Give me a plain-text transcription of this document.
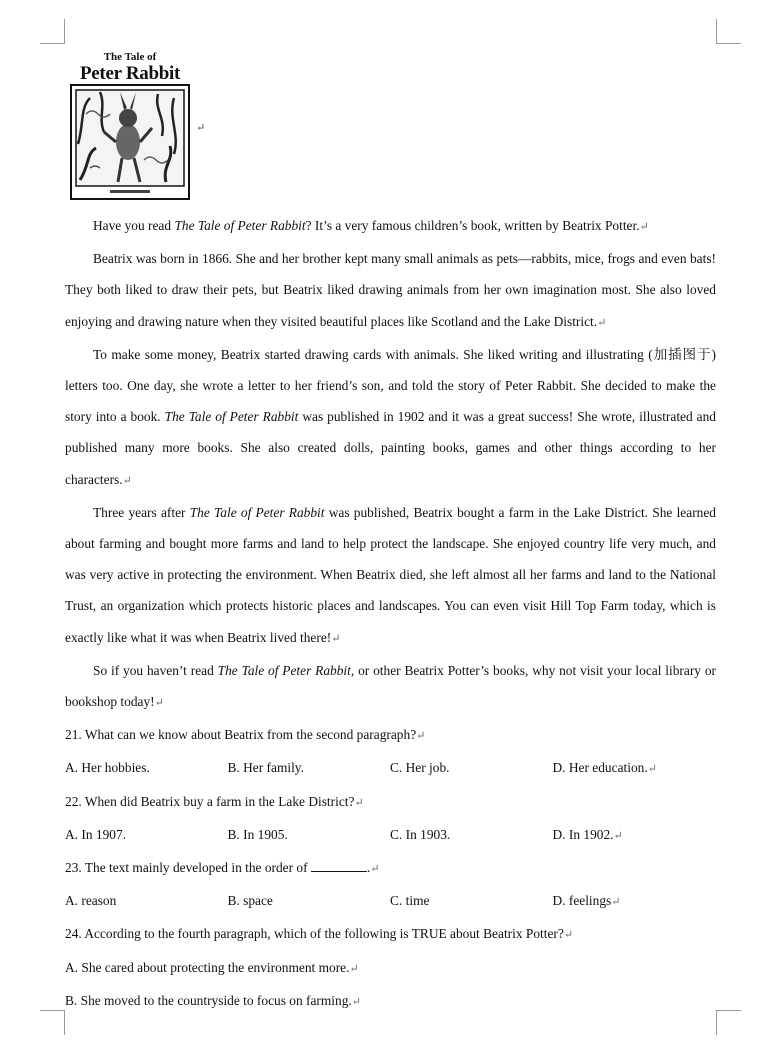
The Tale of
Peter Rabbit
↵

Have you read The Tale of Peter Rabbit? It’s a very famous children’s book, written by Beatrix Potter.↵

Beatrix was born in 1866. She and her brother kept many small animals as pets—rabbits, mice, frogs and even bats! They both liked to draw their pets, but Beatrix liked drawing animals from her own imagination most. She also loved enjoying and drawing nature when they visited beautiful places like Scotland and the Lake District.↵

To make some money, Beatrix started drawing cards with animals. She liked writing and illustrating (加插图于) letters too. One day, she wrote a letter to her friend’s son, and told the story of Peter Rabbit. She decided to make the story into a book. The Tale of Peter Rabbit was published in 1902 and it was a great success! She wrote, illustrated and published many more books. She also created dolls, painting books, games and other things according to her characters.↵

Three years after The Tale of Peter Rabbit was published, Beatrix bought a farm in the Lake District. She learned about farming and bought more farms and land to help protect the landscape. She enjoyed country life very much, and was very active in protecting the environment. When Beatrix died, she left almost all her farms and land to the National Trust, an organization which protects historic places and landscapes. You can even visit Hill Top Farm today, which is exactly like what it was when Beatrix lived there!↵

So if you haven’t read The Tale of Peter Rabbit, or other Beatrix Potter’s books, why not visit your local library or bookshop today!↵

21. What can we know about Beatrix from the second paragraph?↵

A. Her hobbies.	B. Her family.	C. Her job.	D. Her education.↵

22. When did Beatrix buy a farm in the Lake District?↵

A. In 1907.	B. In 1905.	C. In 1903.	D. In 1902.↵

23. The text mainly developed in the order of	.↵

A. reason	B. space	C. time	D. feelings↵

24. According to the fourth paragraph, which of the following is TRUE about Beatrix Potter?↵

A. She cared about protecting the environment more.↵

B. She moved to the countryside to focus on farming.↵
